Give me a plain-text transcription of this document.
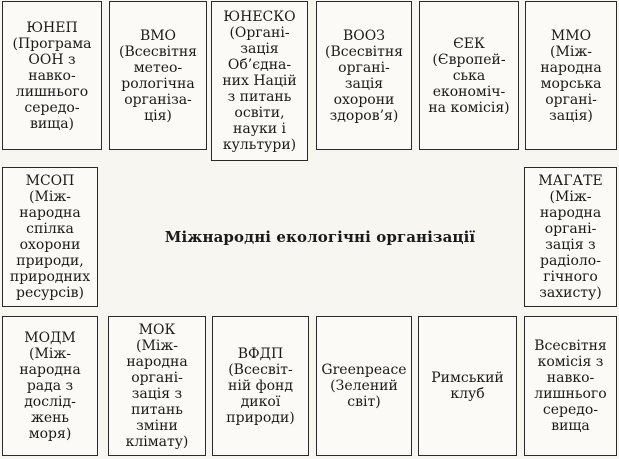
Міжнародні екологічні організації
ЮНЕП
(Програма
ООН з
навко-
лишнього
середо-
вища)
ВМО
(Всесвітня
метео-
рологічна
організа-
ція)
ЮНЕСКО
(Органі-
зація
Об’єдна-
них Націй
з питань
освіти,
науки і
культури)
ВООЗ
(Всесвітня
органі-
зація
охорони
здоров’я)
ЄЕК
(Європей-
ська
економіч-
на комісія)
ММО
(Між-
народна
морська
органі-
зація)
МСОП
(Між-
народна
спілка
охорони
природи,
природних
ресурсів)
МАГАТЕ
(Між-
народна
органі-
зація з
радіоло-
гічного
захисту)
МОДМ
(Між-
народна
рада з
дослід-
жень
моря)
МОК
(Між-
народна
органі-
зація з
питань
зміни
клімату)
ВФДП
(Всесвіт-
ній фонд
дикої
природи)
Greenpeace
(Зелений
світ)
Римський
клуб
Всесвітня
комісія з
навко-
лишнього
середо-
вища
